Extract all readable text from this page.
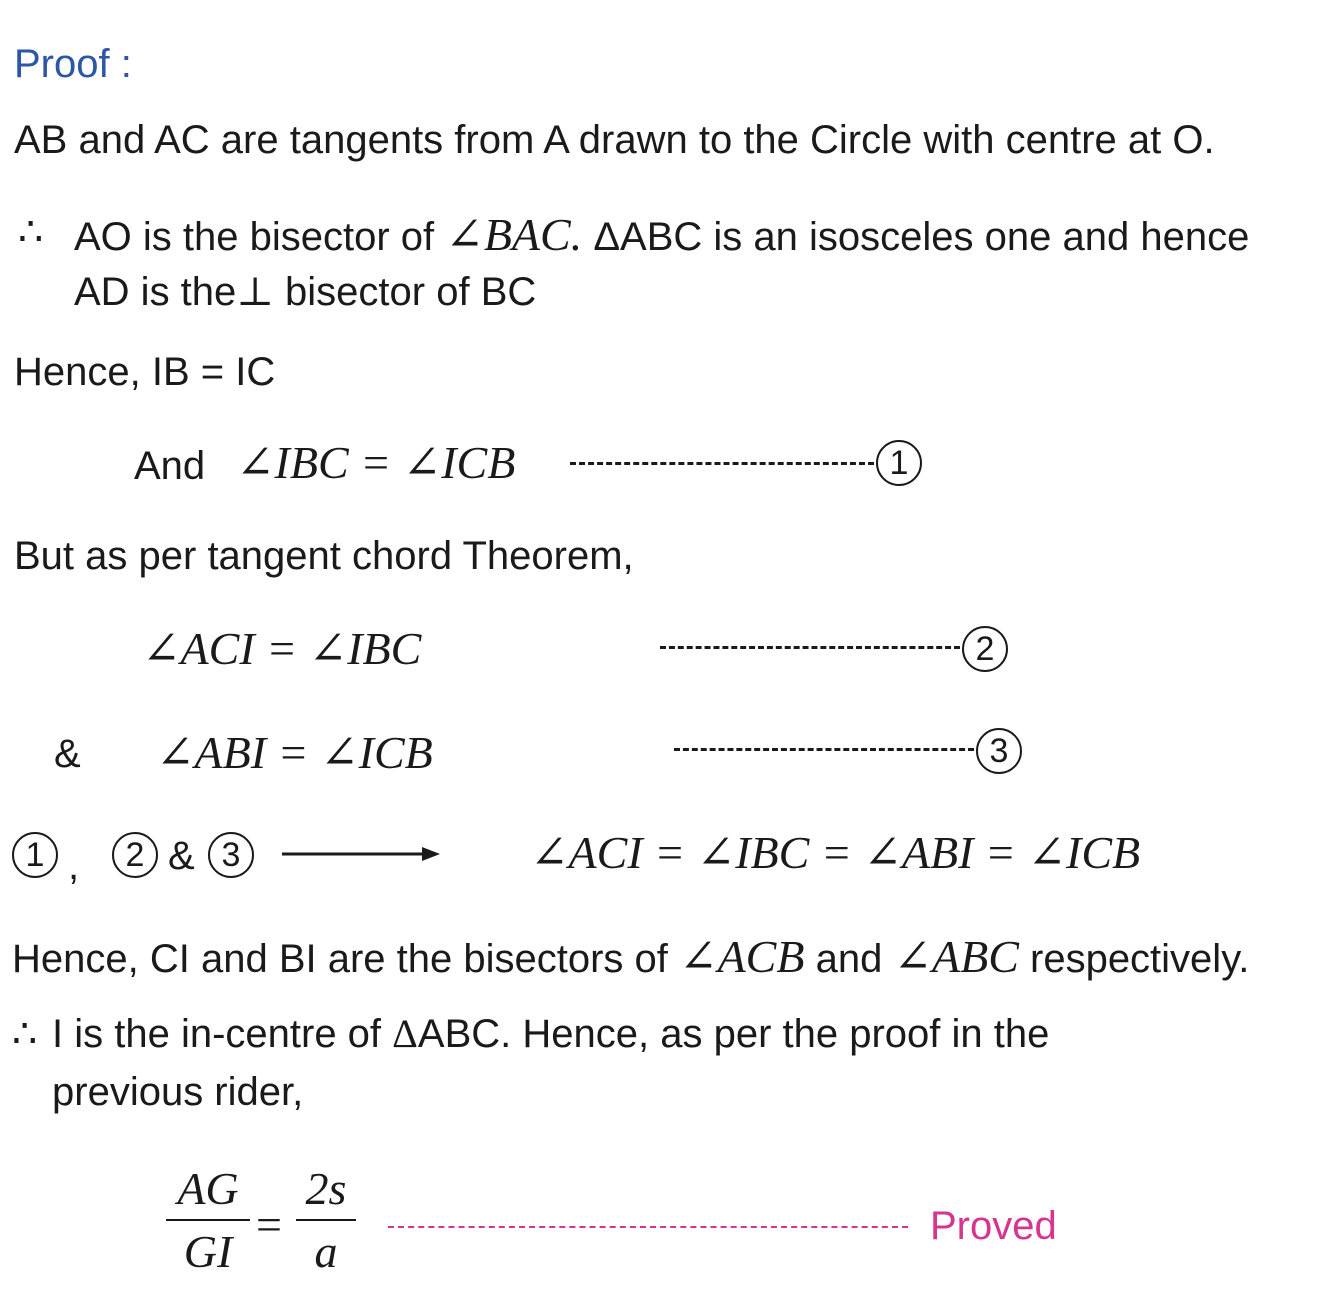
Proof :
AB and AC are tangents from A drawn to the Circle with centre at O.
∴ AO is the bisector of ∠BAC. ΔABC is an isosceles one and hence
AD is the⊥ bisector of BC
Hence, IB = IC
And ∠IBC = ∠ICB	1
But as per tangent chord Theorem,
∠ACI = ∠IBC	2
& ∠ABI = ∠ICB	3
1 ,	2 & 3	∠ACI = ∠IBC = ∠ABI = ∠ICB
Hence, CI and BI are the bisectors of ∠ACB and ∠ABC respectively.
∴ I is the in-centre of ΔABC. Hence, as per the proof in the
previous rider,
AG
GI
=
2s
a	Proved
